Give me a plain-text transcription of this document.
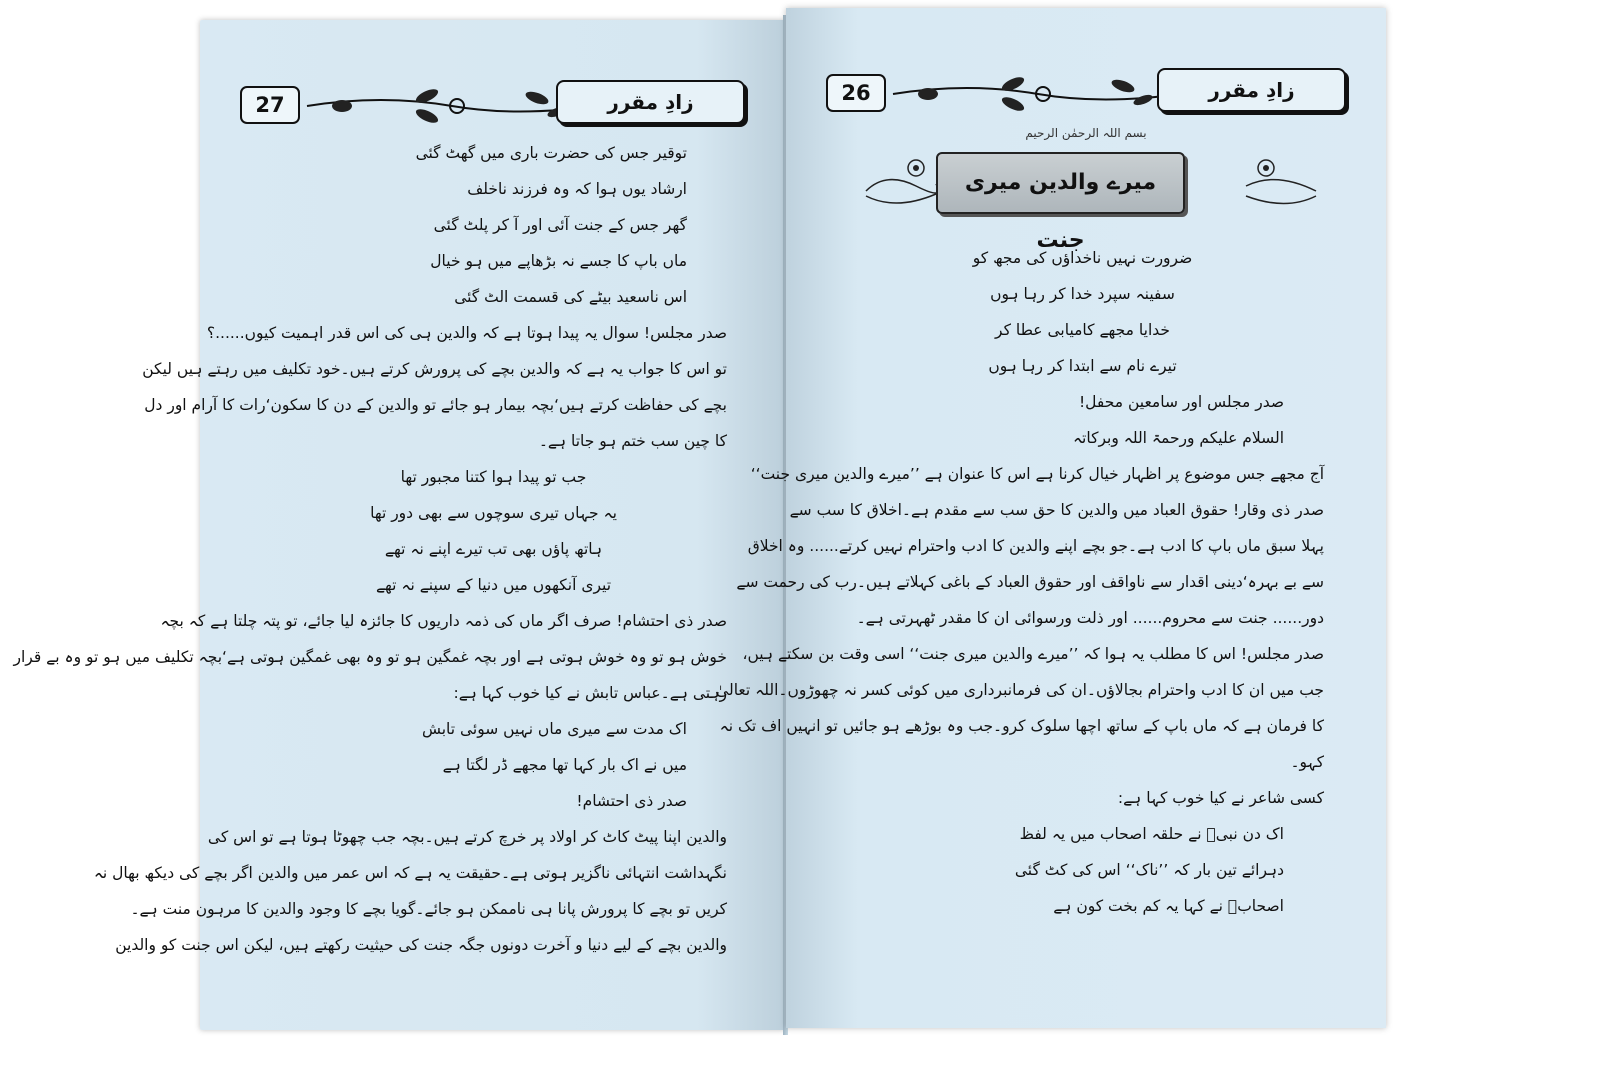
27	زادِ مقرر
توقیر جس کی حضرت باری میں گھٹ گئی
ارشاد یوں ہوا کہ وہ فرزند ناخلف
گھر جس کے جنت آئی اور آ کر پلٹ گئی
ماں باپ کا جسے نہ بڑھاپے میں ہو خیال
اس ناسعید بیٹے کی قسمت الٹ گئی
صدر مجلس! سوال یہ پیدا ہوتا ہے کہ والدین ہی کی اس قدر اہمیت کیوں......؟
تو اس کا جواب یہ ہے کہ والدین بچے کی پرورش کرتے ہیں۔خود تکلیف میں رہتے ہیں لیکن
بچے کی حفاظت کرتے ہیں‘بچہ بیمار ہو جائے تو والدین کے دن کا سکون‘رات کا آرام اور دل
کا چین سب ختم ہو جاتا ہے۔
جب تو پیدا ہوا کتنا مجبور تھا
یہ جہاں تیری سوچوں سے بھی دور تھا
ہاتھ پاؤں بھی تب تیرے اپنے نہ تھے
تیری آنکھوں میں دنیا کے سپنے نہ تھے
صدر ذی احتشام! صرف اگر ماں کی ذمہ داریوں کا جائزہ لیا جائے، تو پتہ چلتا ہے کہ بچہ
خوش ہو تو وہ خوش ہوتی ہے اور بچہ غمگین ہو تو وہ بھی غمگین ہوتی ہے‘بچہ تکلیف میں ہو تو وہ بے قرار
رہتی ہے۔عباس تابش نے کیا خوب کہا ہے:
اک مدت سے میری ماں نہیں سوئی تابش
میں نے اک بار کہا تھا مجھے ڈر لگتا ہے
صدر ذی احتشام!
والدین اپنا پیٹ کاٹ کر اولاد پر خرچ کرتے ہیں۔بچہ جب چھوٹا ہوتا ہے تو اس کی
نگہداشت انتہائی ناگزیر ہوتی ہے۔حقیقت یہ ہے کہ اس عمر میں والدین اگر بچے کی دیکھ بھال نہ
کریں تو بچے کا پرورش پانا ہی ناممکن ہو جائے۔گویا بچے کا وجود والدین کا مرہون منت ہے۔
والدین بچے کے لیے دنیا و آخرت دونوں جگہ جنت کی حیثیت رکھتے ہیں، لیکن اس جنت کو والدین
26	زادِ مقرر
بسم اللہ الرحمٰن الرحیم
میرے والدین میری جنت
ضرورت نہیں ناخداؤں کی مجھ کو
سفینہ سپرد خدا کر رہا ہوں
خدایا مجھے کامیابی عطا کر
تیرے نام سے ابتدا کر رہا ہوں
صدر مجلس اور سامعین محفل!
السلام علیکم ورحمۃ اللہ وبرکاتہ
آج مجھے جس موضوع پر اظہار خیال کرنا ہے اس کا عنوان ہے ’’میرے والدین میری جنت‘‘
صدر ذی وقار! حقوق العباد میں والدین کا حق سب سے مقدم ہے۔اخلاق کا سب سے
پہلا سبق ماں باپ کا ادب ہے۔جو بچے اپنے والدین کا ادب واحترام نہیں کرتے...... وہ اخلاق
سے بے بہرہ‘دینی اقدار سے ناواقف اور حقوق العباد کے باغی کہلاتے ہیں۔رب کی رحمت سے
دور...... جنت سے محروم...... اور ذلت ورسوائی ان کا مقدر ٹھہرتی ہے۔
صدر مجلس! اس کا مطلب یہ ہوا کہ ’’میرے والدین میری جنت‘‘ اسی وقت بن سکتے ہیں،
جب میں ان کا ادب واحترام بجالاؤں۔ان کی فرمانبرداری میں کوئی کسر نہ چھوڑوں۔اللہ تعالیٰ
کا فرمان ہے کہ ماں باپ کے ساتھ اچھا سلوک کرو۔جب وہ بوڑھے ہو جائیں تو انہیں اف تک نہ
کہو۔
کسی شاعر نے کیا خوب کہا ہے:
اک دن نبیؐ نے حلقہ اصحاب میں یہ لفظ
دہرائے تین بار کہ ’’ناک‘‘ اس کی کٹ گئی
اصحابؓ نے کہا یہ کم بخت کون ہے
